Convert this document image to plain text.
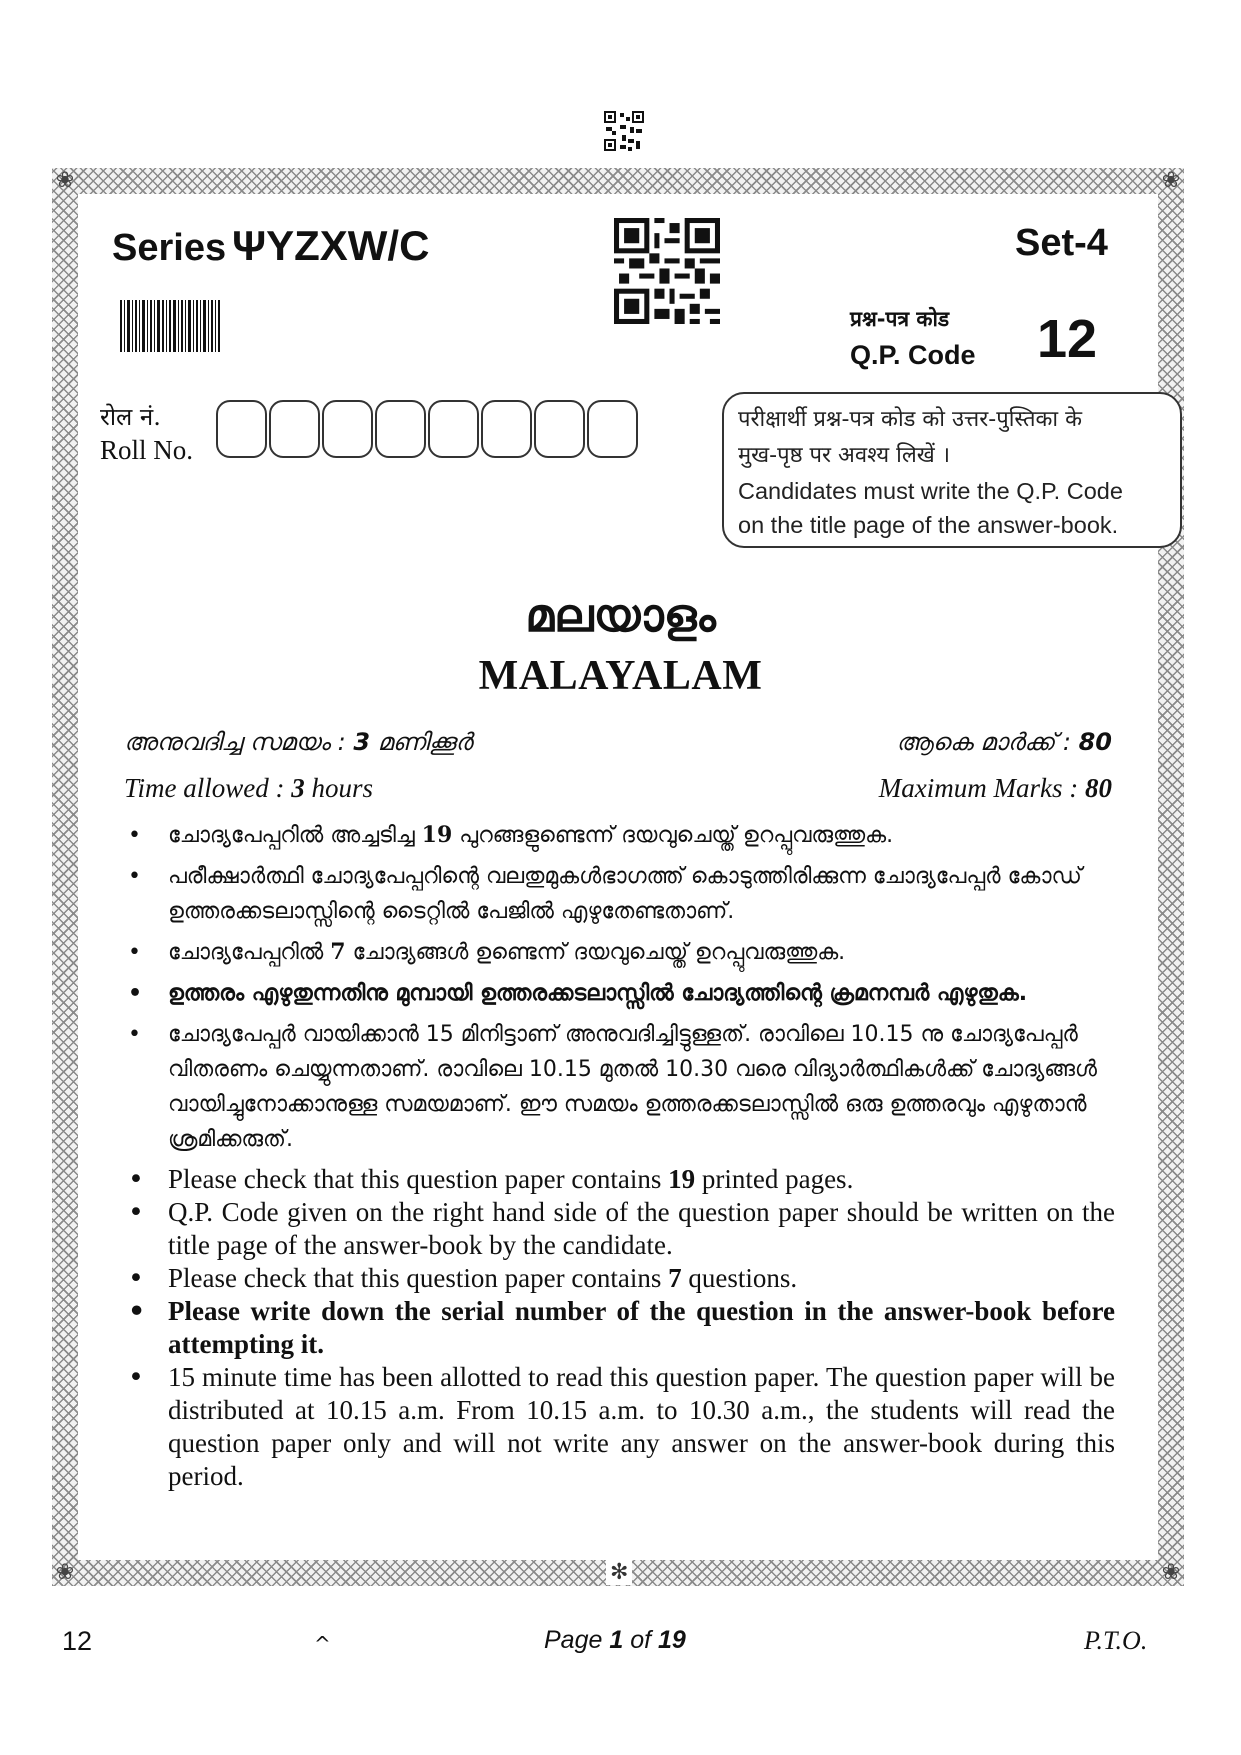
❀	❀
❀	❀
✻
Series ΨYZXW/C	Set-4
प्रश्न-पत्र कोड
Q.P. Code 12
रोल नं.
Roll No.
परीक्षार्थी प्रश्न-पत्र कोड को उत्तर-पुस्तिका के
मुख-पृष्ठ पर अवश्य लिखें ।
Candidates must write the Q.P. Code
on the title page of the answer-book.
മലയാളം
MALAYALAM
അനുവദിച്ച സമയം : 3 മണിക്കൂർ	ആകെ മാർക്ക് : 80
Time allowed : 3 hours	Maximum Marks : 80
• ചോദ്യപേപ്പറിൽ അച്ചടിച്ച 19 പുറങ്ങളുണ്ടെന്ന് ദയവുചെയ്ത് ഉറപ്പുവരുത്തുക.
• പരീക്ഷാർത്ഥി ചോദ്യപേപ്പറിന്റെ വലതുമുകൾഭാഗത്ത് കൊടുത്തിരിക്കുന്ന ചോദ്യപേപ്പർ കോഡ് ഉത്തരക്കടലാസ്സിന്റെ ടൈറ്റിൽ പേജിൽ എഴുതേണ്ടതാണ്.
• ചോദ്യപേപ്പറിൽ 7 ചോദ്യങ്ങൾ ഉണ്ടെന്ന് ദയവുചെയ്ത് ഉറപ്പുവരുത്തുക.
• ഉത്തരം എഴുതുന്നതിനു മുമ്പായി ഉത്തരക്കടലാസ്സിൽ ചോദ്യത്തിന്റെ ക്രമനമ്പർ എഴുതുക.
• ചോദ്യപേപ്പർ വായിക്കാൻ 15 മിനിട്ടാണ് അനുവദിച്ചിട്ടുള്ളത്. രാവിലെ 10.15 നു ചോദ്യപേപ്പർ വിതരണം ചെയ്യുന്നതാണ്. രാവിലെ 10.15 മുതൽ 10.30 വരെ വിദ്യാർത്ഥികൾക്ക് ചോദ്യങ്ങൾ വായിച്ചുനോക്കാനുള്ള സമയമാണ്. ഈ സമയം ഉത്തരക്കടലാസ്സിൽ ഒരു ഉത്തരവും എഴുതാൻ ശ്രമിക്കരുത്.
• Please check that this question paper contains 19 printed pages.
• Q.P. Code given on the right hand side of the question paper should be written on the title page of the answer-book by the candidate.
• Please check that this question paper contains 7 questions.
• Please write down the serial number of the question in the answer-book before attempting it.
• 15 minute time has been allotted to read this question paper. The question paper will be distributed at 10.15 a.m. From 10.15 a.m. to 10.30 a.m., the students will read the question paper only and will not write any answer on the answer-book during this period.
12	^	Page 1 of 19	P.T.O.
